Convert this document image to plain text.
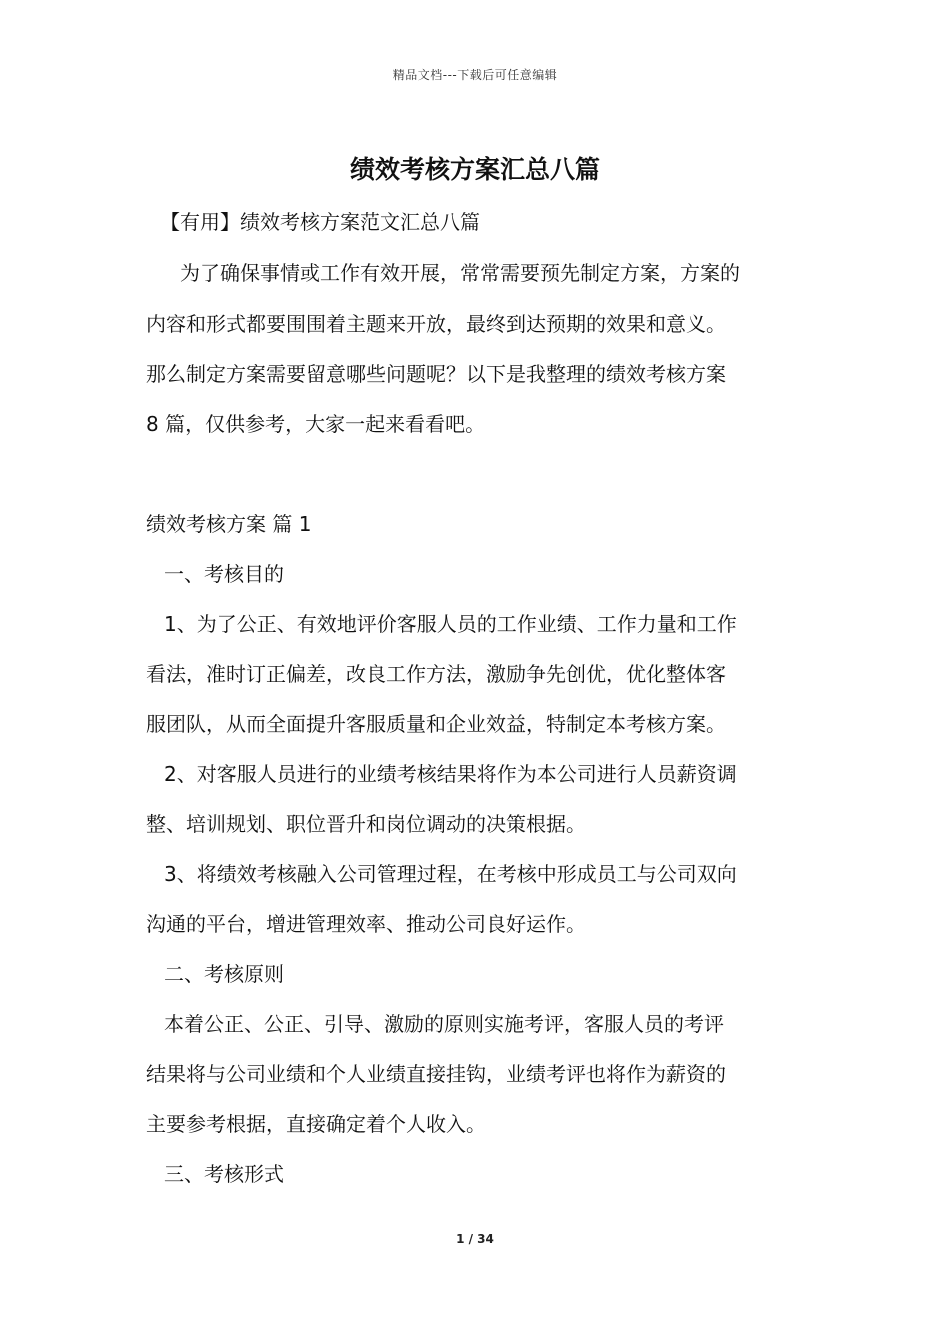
精品文档---下载后可任意编辑
绩效考核方案汇总八篇
【有用】绩效考核方案范文汇总八篇
为了确保事情或工作有效开展，常常需要预先制定方案，方案的
内容和形式都要围围着主题来开放，最终到达预期的效果和意义。
那么制定方案需要留意哪些问题呢？以下是我整理的绩效考核方案
8 篇，仅供参考，大家一起来看看吧。
绩效考核方案 篇 1
一、考核目的
1、为了公正、有效地评价客服人员的工作业绩、工作力量和工作
看法，准时订正偏差，改良工作方法，激励争先创优，优化整体客
服团队，从而全面提升客服质量和企业效益，特制定本考核方案。
2、对客服人员进行的业绩考核结果将作为本公司进行人员薪资调
整、培训规划、职位晋升和岗位调动的决策根据。
3、将绩效考核融入公司管理过程，在考核中形成员工与公司双向
沟通的平台，增进管理效率、推动公司良好运作。
二、考核原则
本着公正、公正、引导、激励的原则实施考评，客服人员的考评
结果将与公司业绩和个人业绩直接挂钩，业绩考评也将作为薪资的
主要参考根据，直接确定着个人收入。
三、考核形式
1 / 34
